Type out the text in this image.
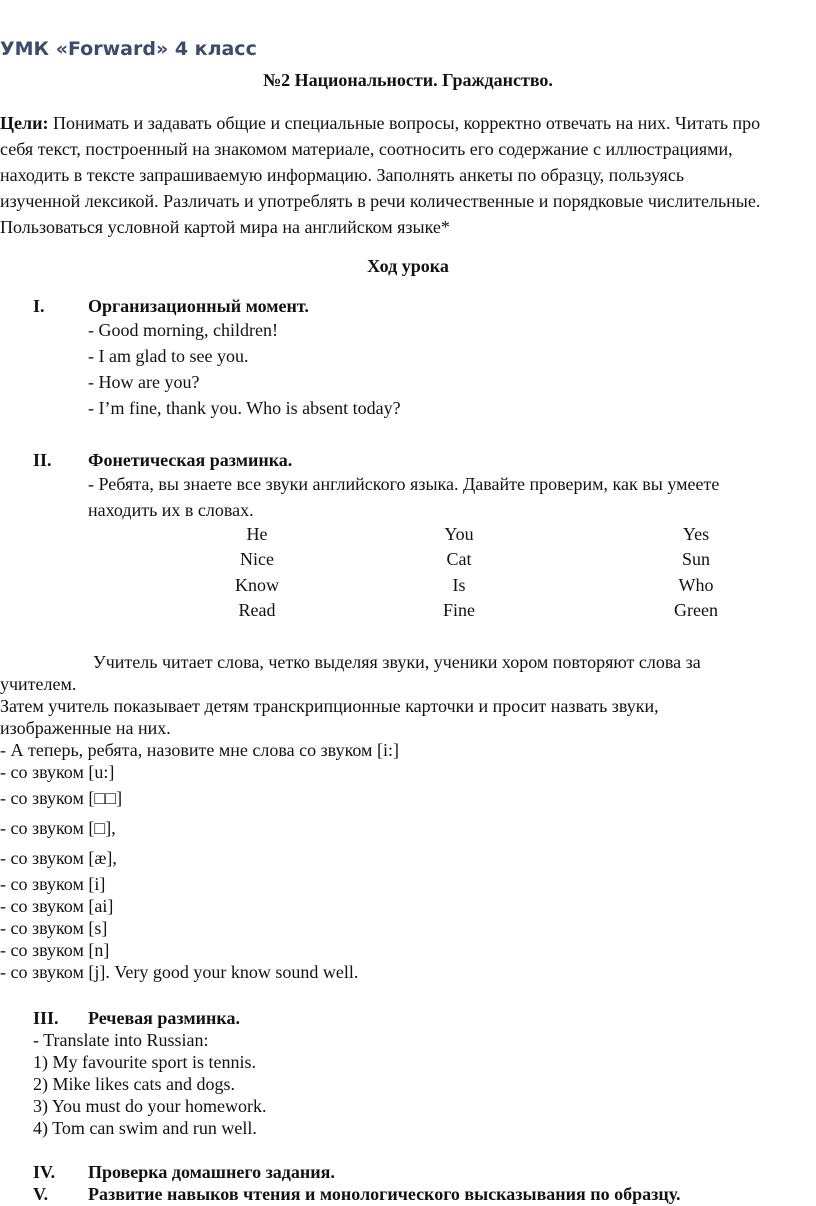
УМК «Forward» 4 класс
№2 Национальности. Гражданство.
Цели: Понимать и задавать общие и специальные вопросы, корректно отвечать на них. Читать про
себя текст, построенный на знакомом материале, соотносить его содержание с иллюстрациями,
находить в тексте запрашиваемую информацию. Заполнять анкеты по образцу, пользуясь
изученной лексикой. Различать и употреблять в речи количественные и порядковые числительные.
Пользоваться условной картой мира на английском языке*
Ход урока
I. Организационный момент.
- Good morning, children!
- I am glad to see you.
- How are you?
- I’m fine, thank you. Who is absent today?
II. Фонетическая разминка.
- Ребята, вы знаете все звуки английского языка. Давайте проверим, как вы умеете
находить их в словах.
He	You	Yes
Nice	Cat	Sun
Know	Is	Who
Read	Fine	Green
Учитель читает слова, четко выделяя звуки, ученики хором повторяют слова за
учителем.
Затем учитель показывает детям транскрипционные карточки и просит назвать звуки,
изображенные на них.
- А теперь, ребята, назовите мне слова со звуком [i:]
- со звуком [u:]
- со звуком [□□]
- со звуком [□],
- со звуком [æ],
- со звуком [i]
- со звуком [ai]
- со звуком [s]
- со звуком [n]
- со звуком [j]. Very good your know sound well.
III. Речевая разминка.
- Translate into Russian:
1) My favourite sport is tennis.
2) Mike likes cats and dogs.
3) You must do your homework.
4) Tom can swim and run well.
IV. Проверка домашнего задания.
V. Развитие навыков чтения и монологического высказывания по образцу.
